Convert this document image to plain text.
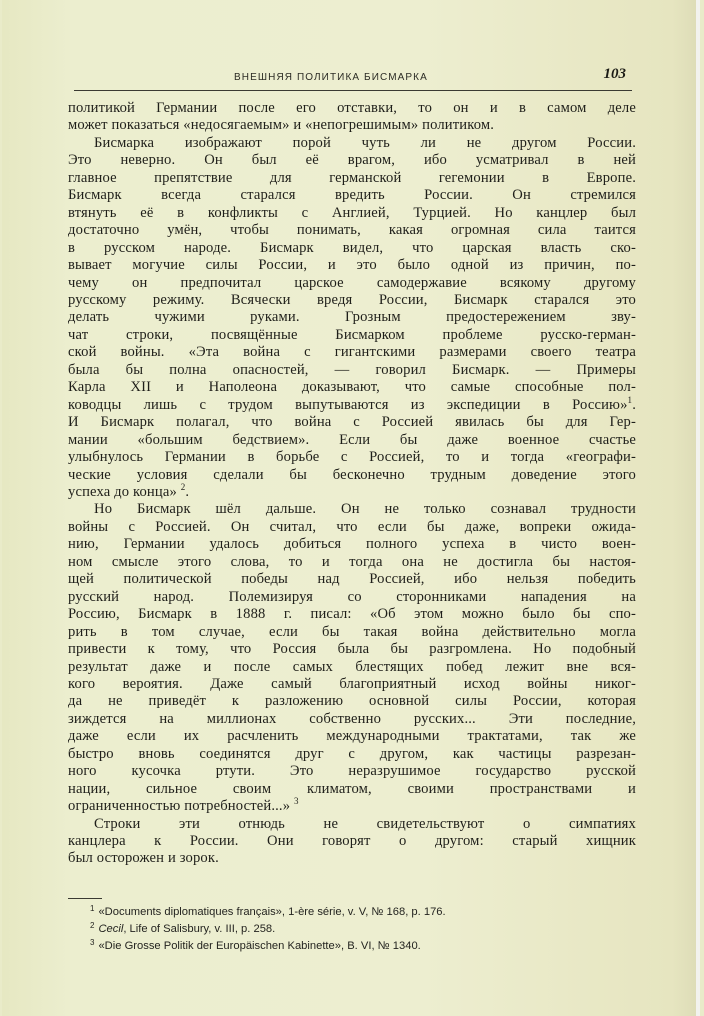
ВНЕШНЯЯ ПОЛИТИКА БИСМАРКА	103
политикой Германии после его отставки, то он и в самом деле
может показаться «недосягаемым» и «непогрешимым» политиком.
Бисмарка изображают порой чуть ли не другом России.
Это неверно. Он был её врагом, ибо усматривал в ней
главное препятствие для германской гегемонии в Европе.
Бисмарк всегда старался вредить России. Он стремился
втянуть её в конфликты с Англией, Турцией. Но канцлер был
достаточно умён, чтобы понимать, какая огромная сила таится
в русском народе. Бисмарк видел, что царская власть ско-
вывает могучие силы России, и это было одной из причин, по-
чему он предпочитал царское самодержавие всякому другому
русскому режиму. Всячески вредя России, Бисмарк старался это
делать чужими руками. Грозным предостережением зву-
чат строки, посвящённые Бисмарком проблеме русско-герман-
ской войны. «Эта война с гигантскими размерами своего театра
была бы полна опасностей, — говорил Бисмарк. — Примеры
Карла XII и Наполеона доказывают, что самые способные пол-
ководцы лишь с трудом выпутываются из экспедиции в Россию»$^1$.
И Бисмарк полагал, что война с Россией явилась бы для Гер-
мании «большим бедствием». Если бы даже военное счастье
улыбнулось Германии в борьбе с Россией, то и тогда «географи-
ческие условия сделали бы бесконечно трудным доведение этого
успеха до конца» $^2$.
Но Бисмарк шёл дальше. Он не только сознавал трудности
войны с Россией. Он считал, что если бы даже, вопреки ожида-
нию, Германии удалось добиться полного успеха в чисто воен-
ном смысле этого слова, то и тогда она не достигла бы настоя-
щей политической победы над Россией, ибо нельзя победить
русский народ. Полемизируя со сторонниками нападения на
Россию, Бисмарк в 1888 г. писал: «Об этом можно было бы спо-
рить в том случае, если бы такая война действительно могла
привести к тому, что Россия была бы разгромлена. Но подобный
результат даже и после самых блестящих побед лежит вне вся-
кого вероятия. Даже самый благоприятный исход войны никог-
да не приведёт к разложению основной силы России, которая
зиждется на миллионах собственно русских... Эти последние,
даже если их расчленить международными трактатами, так же
быстро вновь соединятся друг с другом, как частицы разрезан-
ного кусочка ртути. Это неразрушимое государство русской
нации, сильное своим климатом, своими пространствами и
ограниченностью потребностей...» $^3$
Строки эти отнюдь не свидетельствуют о симпатиях
канцлера к России. Они говорят о другом: старый хищник
был осторожен и зорок.
$^1$ «Documents diplomatiques français», 1-ère série, v. V, № 168, p. 176.
$^2$ Cecil, Life of Salisbury, v. III, p. 258.
$^3$ «Die Grosse Politik der Europäischen Kabinette», B. VI, № 1340.
